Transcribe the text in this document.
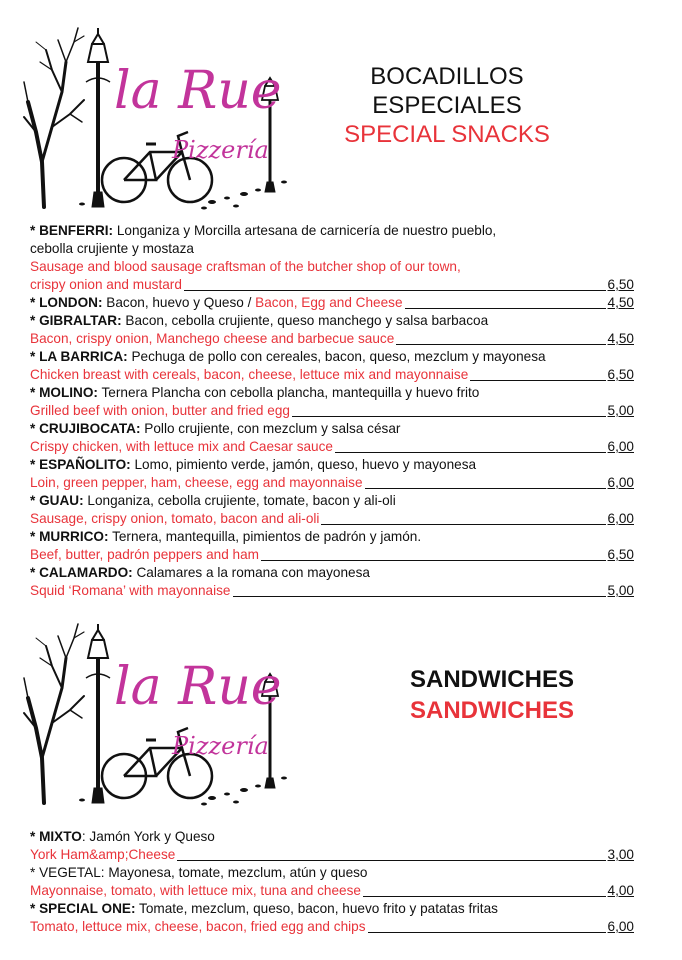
la Rue
Pizzería
BOCADILLOS
ESPECIALES
SPECIAL SNACKS
* BENFERRI: Longaniza y Morcilla artesana de carnicería de nuestro pueblo,
cebolla crujiente y mostaza
Sausage and blood sausage craftsman of the butcher shop of our town,
crispy onion and mustard	6,50
* LONDON: Bacon, huevo y Queso / Bacon, Egg and Cheese	4,50
* GIBRALTAR: Bacon, cebolla crujiente, queso manchego y salsa barbacoa
Bacon, crispy onion, Manchego cheese and barbecue sauce	4,50
* LA BARRICA: Pechuga de pollo con cereales, bacon, queso, mezclum y mayonesa
Chicken breast with cereals, bacon, cheese, lettuce mix and mayonnaise	6,50
* MOLINO: Ternera Plancha con cebolla plancha, mantequilla y huevo frito
Grilled beef with onion, butter and fried egg	5,00
* CRUJIBOCATA: Pollo crujiente, con mezclum y salsa césar
Crispy chicken, with lettuce mix and Caesar sauce	6,00
* ESPAÑOLITO: Lomo, pimiento verde, jamón, queso, huevo y mayonesa
Loin, green pepper, ham, cheese, egg and mayonnaise	6,00
* GUAU: Longaniza, cebolla crujiente, tomate, bacon y ali-oli
Sausage, crispy onion, tomato, bacon and ali-oli	6,00
* MURRICO: Ternera, mantequilla, pimientos de padrón y jamón.
Beef, butter, padrón peppers and ham	6,50
* CALAMARDO: Calamares a la romana con mayonesa
Squid ‘Romana’ with mayonnaise	5,00
la Rue
Pizzería
SANDWICHES
SANDWICHES
* MIXTO: Jamón York y Queso
York Ham&amp;Cheese	3,00
* VEGETAL: Mayonesa, tomate, mezclum, atún y queso
Mayonnaise, tomato, with lettuce mix, tuna and cheese	4,00
* SPECIAL ONE: Tomate, mezclum, queso, bacon, huevo frito y patatas fritas
Tomato, lettuce mix, cheese, bacon, fried egg and chips	6,00
